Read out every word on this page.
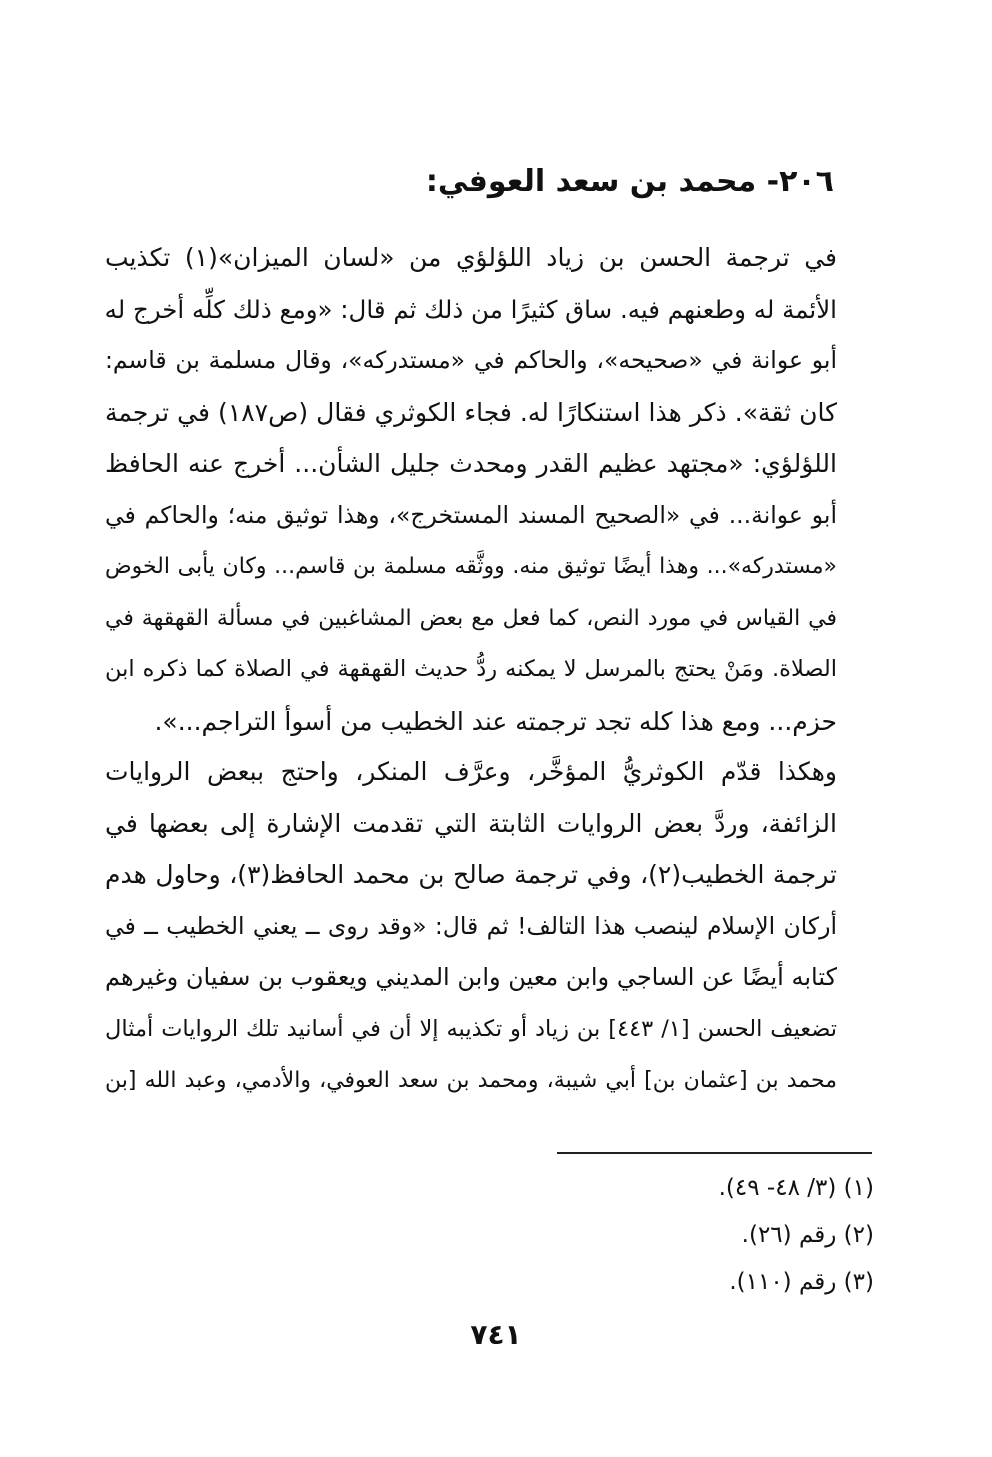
٢٠٦- محمد بن سعد العوفي:
في ترجمة الحسن بن زياد اللؤلؤي من «لسان الميزان»(١) تكذيب
الأئمة له وطعنهم فيه. ساق كثيرًا من ذلك ثم قال: «ومع ذلك كلِّه أخرج له
أبو عوانة في «صحيحه»، والحاكم في «مستدركه»، وقال مسلمة بن قاسم:
كان ثقة». ذكر هذا استنكارًا له. فجاء الكوثري فقال (ص١٨٧) في ترجمة
اللؤلؤي: «مجتهد عظيم القدر ومحدث جليل الشأن... أخرج عنه الحافظ
أبو عوانة... في «الصحيح المسند المستخرج»، وهذا توثيق منه؛ والحاكم في
«مستدركه»... وهذا أيضًا توثيق منه. ووثَّقه مسلمة بن قاسم... وكان يأبى الخوض
في القياس في مورد النص، كما فعل مع بعض المشاغبين في مسألة القهقهة في
الصلاة. ومَنْ يحتج بالمرسل لا يمكنه ردُّ حديث القهقهة في الصلاة كما ذكره ابن
حزم... ومع هذا كله تجد ترجمته عند الخطيب من أسوأ التراجم...».
وهكذا قدّم الكوثريُّ المؤخَّر، وعرَّف المنكر، واحتج ببعض الروايات
الزائفة، وردَّ بعض الروايات الثابتة التي تقدمت الإشارة إلى بعضها في
ترجمة الخطيب(٢)، وفي ترجمة صالح بن محمد الحافظ(٣)، وحاول هدم
أركان الإسلام لينصب هذا التالف! ثم قال: «وقد روى ــ يعني الخطيب ــ في
كتابه أيضًا عن الساجي وابن معين وابن المديني ويعقوب بن سفيان وغيرهم
تضعيف الحسن [١/ ٤٤٣] بن زياد أو تكذيبه إلا أن في أسانيد تلك الروايات أمثال
محمد بن [عثمان بن] أبي شيبة، ومحمد بن سعد العوفي، والأدمي، وعبد الله [بن
(١) (٣/ ٤٨- ٤٩).
(٢) رقم (٢٦).
(٣) رقم (١١٠).
٧٤١
